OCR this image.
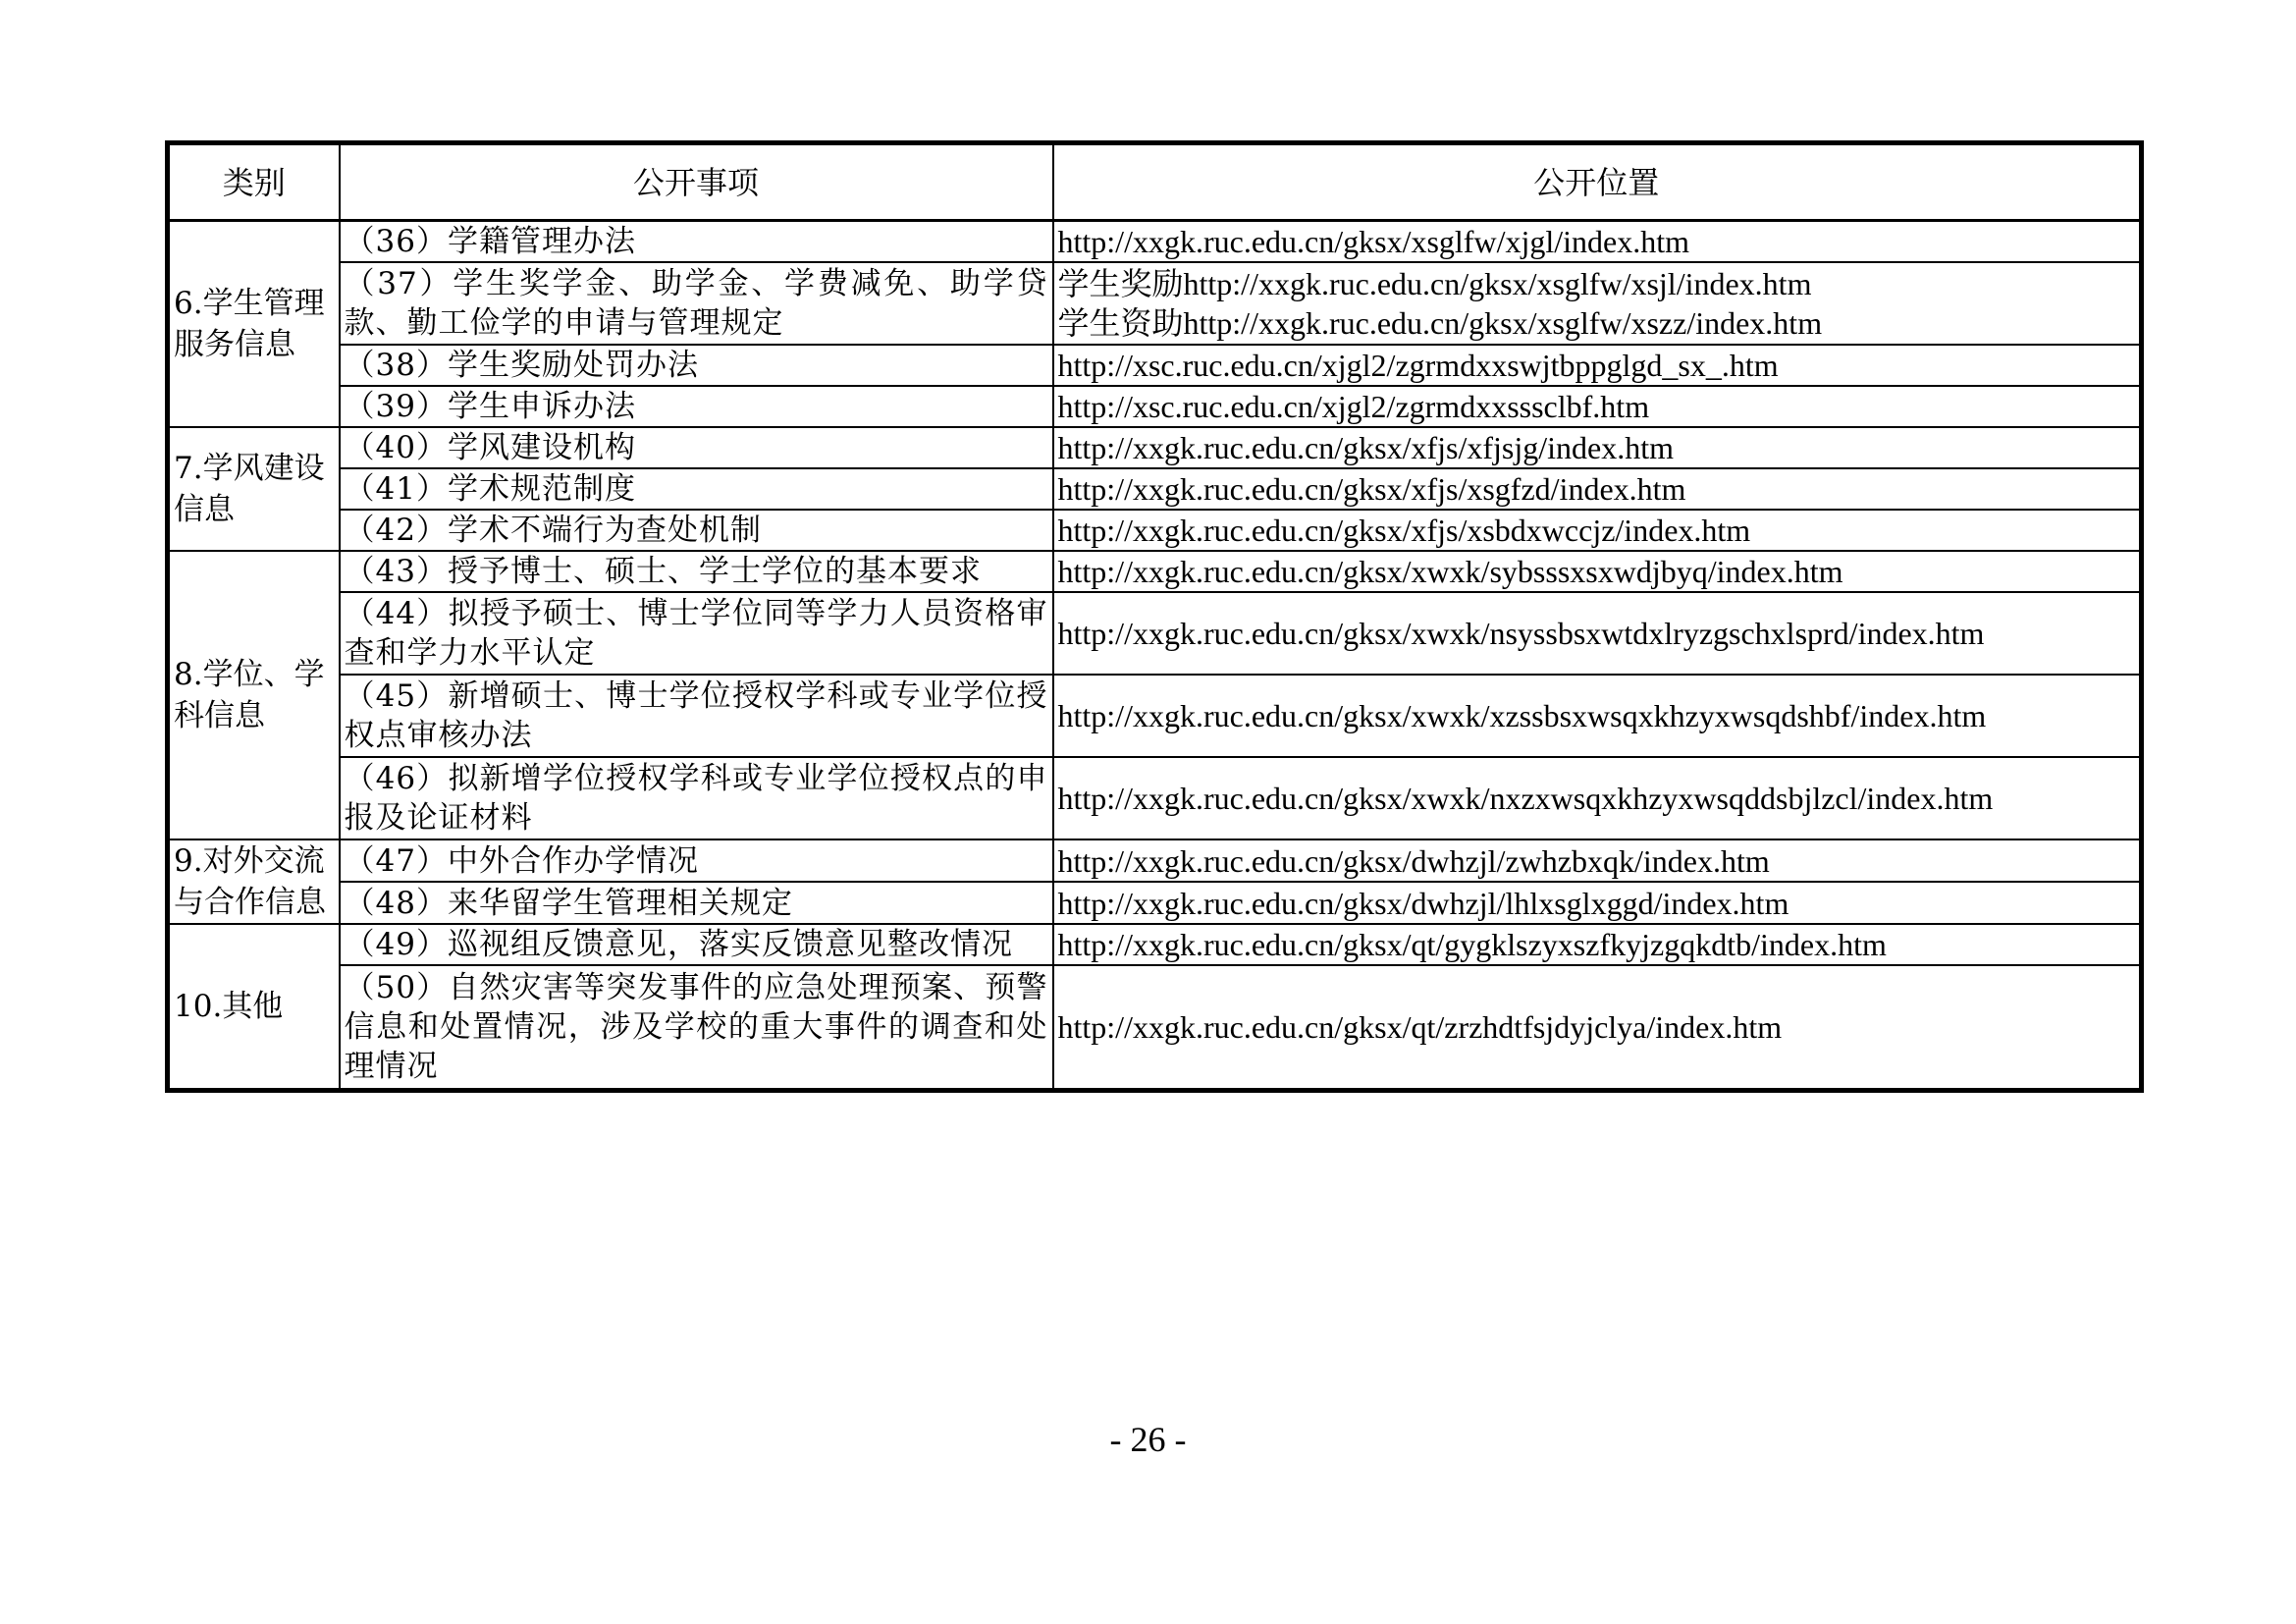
类别	公开事项	公开位置
6.学生管理服务信息	（36）学籍管理办法	http://xxgk.ruc.edu.cn/gksx/xsglfw/xjgl/index.htm
	（37）学生奖学金、助学金、学费减免、助学贷款、勤工俭学的申请与管理规定	学生奖励http://xxgk.ruc.edu.cn/gksx/xsglfw/xsjl/index.htm
学生资助http://xxgk.ruc.edu.cn/gksx/xsglfw/xszz/index.htm

	（38）学生奖励处罚办法	http://xsc.ruc.edu.cn/xjgl2/zgrmdxxswjtbppglgd_sx_.htm
	（39）学生申诉办法	http://xsc.ruc.edu.cn/xjgl2/zgrmdxxsssclbf.htm
7.学风建设信息	（40）学风建设机构	http://xxgk.ruc.edu.cn/gksx/xfjs/xfjsjg/index.htm
	（41）学术规范制度	http://xxgk.ruc.edu.cn/gksx/xfjs/xsgfzd/index.htm
	（42）学术不端行为查处机制	http://xxgk.ruc.edu.cn/gksx/xfjs/xsbdxwccjz/index.htm
8.学位、学科信息	（43）授予博士、硕士、学士学位的基本要求	http://xxgk.ruc.edu.cn/gksx/xwxk/sybsssxsxwdjbyq/index.htm
	（44）拟授予硕士、博士学位同等学力人员资格审查和学力水平认定	http://xxgk.ruc.edu.cn/gksx/xwxk/nsyssbsxwtdxlryzgschxlsprd/index.htm
	（45）新增硕士、博士学位授权学科或专业学位授权点审核办法	http://xxgk.ruc.edu.cn/gksx/xwxk/xzssbsxwsqxkhzyxwsqdshbf/index.htm
	（46）拟新增学位授权学科或专业学位授权点的申报及论证材料	http://xxgk.ruc.edu.cn/gksx/xwxk/nxzxwsqxkhzyxwsqddsbjlzcl/index.htm
9.对外交流与合作信息	（47）中外合作办学情况	http://xxgk.ruc.edu.cn/gksx/dwhzjl/zwhzbxqk/index.htm
	（48）来华留学生管理相关规定	http://xxgk.ruc.edu.cn/gksx/dwhzjl/lhlxsglxggd/index.htm
10.其他	（49）巡视组反馈意见，落实反馈意见整改情况	http://xxgk.ruc.edu.cn/gksx/qt/gygklszyxszfkyjzgqkdtb/index.htm
	（50）自然灾害等突发事件的应急处理预案、预警信息和处置情况，涉及学校的重大事件的调查和处理情况	http://xxgk.ruc.edu.cn/gksx/qt/zrzhdtfsjdyjclya/index.htm
- 26 -
